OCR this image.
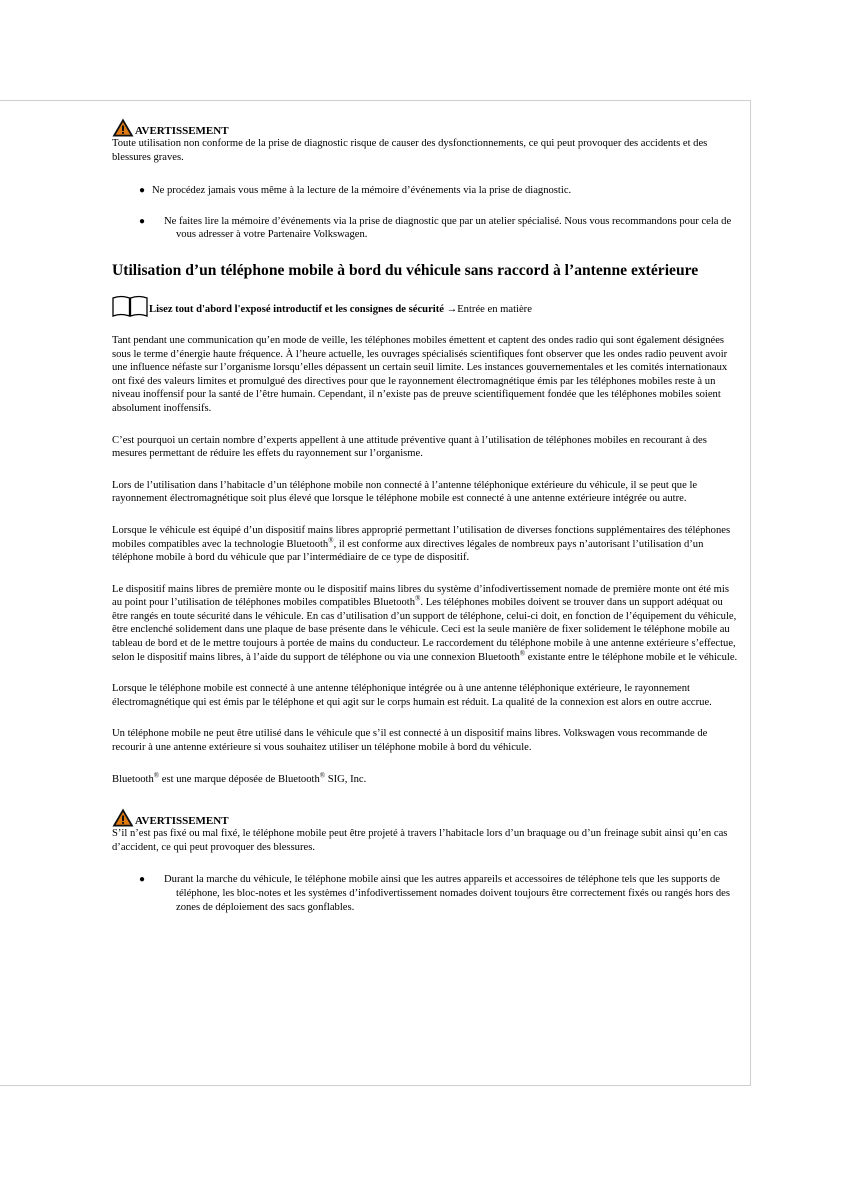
AVERTISSEMENT

Toute utilisation non conforme de la prise de diagnostic risque de causer des dysfonctionnements, ce qui peut provoquer des accidents et des blessures graves.

● Ne procédez jamais vous même à la lecture de la mémoire d’événements via la prise de diagnostic.
● Ne faites lire la mémoire d’événements via la prise de diagnostic que par un atelier spécialisé. Nous vous recommandons pour cela de vous adresser à votre Partenaire Volkswagen.
Utilisation d’un téléphone mobile à bord du véhicule sans raccord à l’antenne extérieure
Lisez tout d'abord l'exposé introductif et les consignes de sécurité →Entrée en matière

Tant pendant une communication qu’en mode de veille, les téléphones mobiles émettent et captent des ondes radio qui sont également désignées sous le terme d’énergie haute fréquence. À l’heure actuelle, les ouvrages spécialisés scientifiques font observer que les ondes radio peuvent avoir une influence néfaste sur l’organisme lorsqu’elles dépassent un certain seuil limite. Les instances gouvernementales et les comités internationaux ont fixé des valeurs limites et promulgué des directives pour que le rayonnement électromagnétique émis par les téléphones mobiles reste à un niveau inoffensif pour la santé de l’être humain. Cependant, il n’existe pas de preuve scientifiquement fondée que les téléphones mobiles soient absolument inoffensifs.

C’est pourquoi un certain nombre d’experts appellent à une attitude préventive quant à l’utilisation de téléphones mobiles en recourant à des mesures permettant de réduire les effets du rayonnement sur l’organisme.

Lors de l’utilisation dans l’habitacle d’un téléphone mobile non connecté à l’antenne téléphonique extérieure du véhicule, il se peut que le rayonnement électromagnétique soit plus élevé que lorsque le téléphone mobile est connecté à une antenne extérieure intégrée ou autre.

Lorsque le véhicule est équipé d’un dispositif mains libres approprié permettant l’utilisation de diverses fonctions supplémentaires des téléphones mobiles compatibles avec la technologie Bluetooth®, il est conforme aux directives légales de nombreux pays n’autorisant l’utilisation d’un téléphone mobile à bord du véhicule que par l’intermédiaire de ce type de dispositif.

Le dispositif mains libres de première monte ou le dispositif mains libres du système d’infodivertissement nomade de première monte ont été mis au point pour l’utilisation de téléphones mobiles compatibles Bluetooth®. Les téléphones mobiles doivent se trouver dans un support adéquat ou être rangés en toute sécurité dans le véhicule. En cas d’utilisation d’un support de téléphone, celui-ci doit, en fonction de l’équipement du véhicule, être enclenché solidement dans une plaque de base présente dans le véhicule. Ceci est la seule manière de fixer solidement le téléphone mobile au tableau de bord et de le mettre toujours à portée de mains du conducteur. Le raccordement du téléphone mobile à une antenne extérieure s’effectue, selon le dispositif mains libres, à l’aide du support de téléphone ou via une connexion Bluetooth® existante entre le téléphone mobile et le véhicule.

Lorsque le téléphone mobile est connecté à une antenne téléphonique intégrée ou à une antenne téléphonique extérieure, le rayonnement électromagnétique qui est émis par le téléphone et qui agit sur le corps humain est réduit. La qualité de la connexion est alors en outre accrue.

Un téléphone mobile ne peut être utilisé dans le véhicule que s’il est connecté à un dispositif mains libres. Volkswagen vous recommande de recourir à une antenne extérieure si vous souhaitez utiliser un téléphone mobile à bord du véhicule.

Bluetooth® est une marque déposée de Bluetooth® SIG, Inc.

AVERTISSEMENT

S’il n’est pas fixé ou mal fixé, le téléphone mobile peut être projeté à travers l’habitacle lors d’un braquage ou d’un freinage subit ainsi qu’en cas d’accident, ce qui peut provoquer des blessures.

● Durant la marche du véhicule, le téléphone mobile ainsi que les autres appareils et accessoires de téléphone tels que les supports de téléphone, les bloc-notes et les systèmes d’infodivertissement nomades doivent toujours être correctement fixés ou rangés hors des zones de déploiement des sacs gonflables.
